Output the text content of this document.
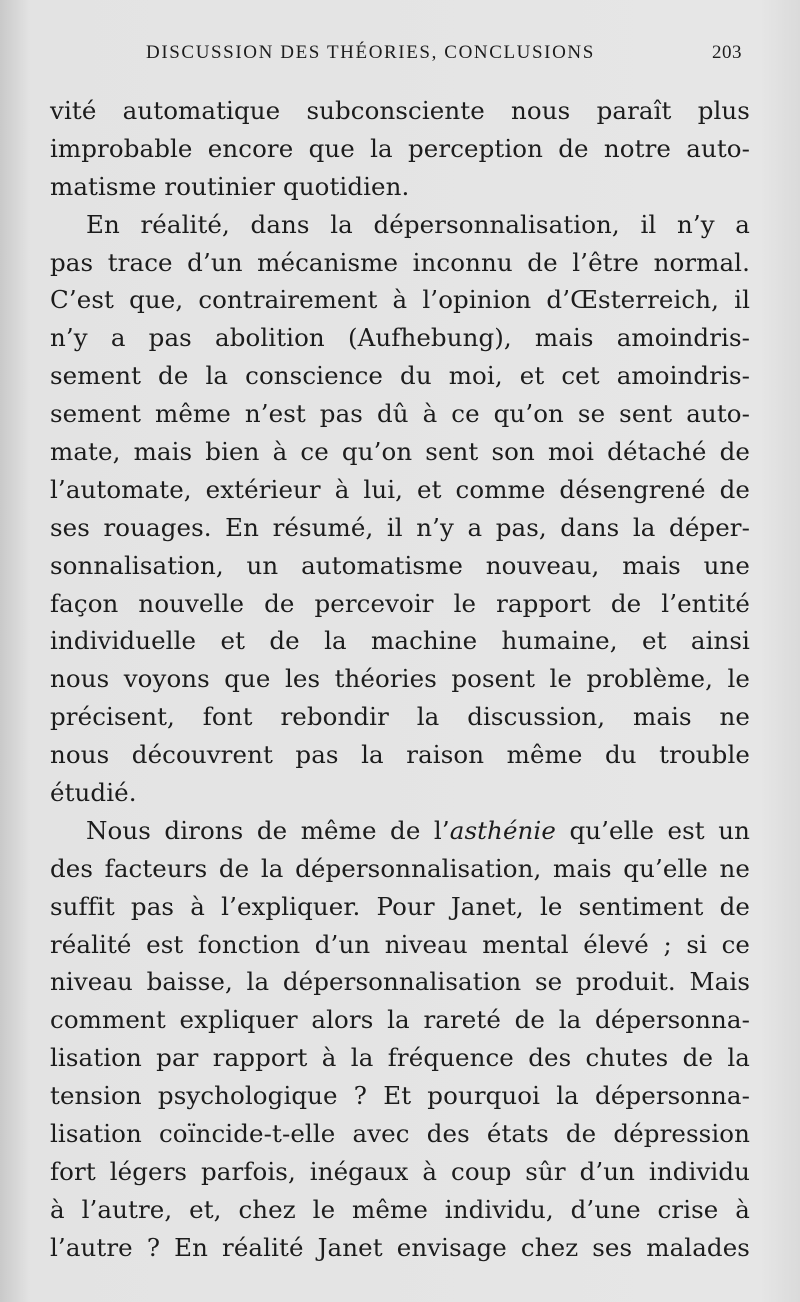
DISCUSSION DES THÉORIES, CONCLUSIONS	203
vité automatique subconsciente nous paraît plus
improbable encore que la perception de notre auto-
matisme routinier quotidien.
En réalité, dans la dépersonnalisation, il n’y a
pas trace d’un mécanisme inconnu de l’être normal.
C’est que, contrairement à l’opinion d’Œsterreich, il
n’y a pas abolition (Aufhebung), mais amoindris-
sement de la conscience du moi, et cet amoindris-
sement même n’est pas dû à ce qu’on se sent auto-
mate, mais bien à ce qu’on sent son moi détaché de
l’automate, extérieur à lui, et comme désengrené de
ses rouages. En résumé, il n’y a pas, dans la déper-
sonnalisation, un automatisme nouveau, mais une
façon nouvelle de percevoir le rapport de l’entité
individuelle et de la machine humaine, et ainsi
nous voyons que les théories posent le problème, le
précisent, font rebondir la discussion, mais ne
nous découvrent pas la raison même du trouble
étudié.
Nous dirons de même de l’asthénie qu’elle est un
des facteurs de la dépersonnalisation, mais qu’elle ne
suffit pas à l’expliquer. Pour Janet, le sentiment de
réalité est fonction d’un niveau mental élevé ; si ce
niveau baisse, la dépersonnalisation se produit. Mais
comment expliquer alors la rareté de la dépersonna-
lisation par rapport à la fréquence des chutes de la
tension psychologique ? Et pourquoi la dépersonna-
lisation coïncide-t-elle avec des états de dépression
fort légers parfois, inégaux à coup sûr d’un individu
à l’autre, et, chez le même individu, d’une crise à
l’autre ? En réalité Janet envisage chez ses malades
